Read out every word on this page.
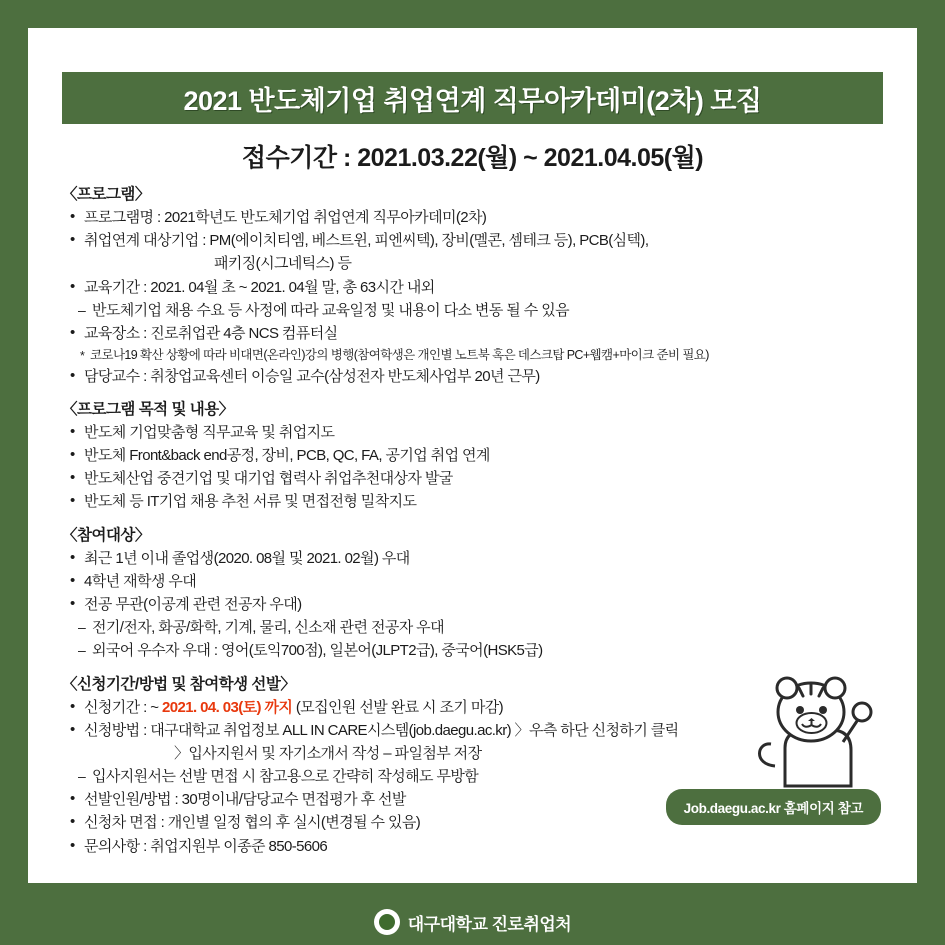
2021 반도체기업 취업연계 직무아카데미(2차) 모집
접수기간 : 2021.03.22(월) ~ 2021.04.05(월)
〈프로그램〉
• 프로그램명 : 2021학년도 반도체기업 취업연계 직무아카데미(2차)
• 취업연계 대상기업 : PM(에이치티엠, 베스트윈, 피엔씨텍), 장비(멜콘, 셈테크 등), PCB(심텍),
패키징(시그네틱스) 등
• 교육기간 : 2021. 04월 초 ~ 2021. 04월 말, 총 63시간 내외
– 반도체기업 채용 수요 등 사정에 따라 교육일정 및 내용이 다소 변동 될 수 있음
• 교육장소 : 진로취업관 4층 NCS 컴퓨터실
* 코로나19 확산 상황에 따라 비대면(온라인)강의 병행(참여학생은 개인별 노트북 혹은 데스크탑 PC+웹캠+마이크 준비 필요)
• 담당교수 : 취창업교육센터 이승일 교수(삼성전자 반도체사업부 20년 근무)
〈프로그램 목적 및 내용〉
• 반도체 기업맞춤형 직무교육 및 취업지도
• 반도체 Front&back end공정, 장비, PCB, QC, FA, 공기업 취업 연계
• 반도체산업 중견기업 및 대기업 협력사 취업추천대상자 발굴
• 반도체 등 IT기업 채용 추천 서류 및 면접전형 밀착지도
〈참여대상〉
• 최근 1년 이내 졸업생(2020. 08월 및 2021. 02월) 우대
• 4학년 재학생 우대
• 전공 무관(이공계 관련 전공자 우대)
– 전기/전자, 화공/화학, 기계, 물리, 신소재 관련 전공자 우대
– 외국어 우수자 우대 : 영어(토익700점), 일본어(JLPT2급), 중국어(HSK5급)
〈신청기간/방법 및 참여학생 선발〉
• 신청기간 : ~ 2021. 04. 03(토) 까지 (모집인원 선발 완료 시 조기 마감)
• 신청방법 : 대구대학교 취업정보 ALL IN CARE시스템(job.daegu.ac.kr) 〉우측 하단 신청하기 클릭
〉입사지원서 및 자기소개서 작성 – 파일첨부 저장
– 입사지원서는 선발 면접 시 참고용으로 간략히 작성해도 무방함
• 선발인원/방법 : 30명이내/담당교수 면접평가 후 선발
• 신청차 면접 : 개인별 일정 협의 후 실시(변경될 수 있음)
• 문의사항 : 취업지원부 이종준 850-5606
Job.daegu.ac.kr 홈페이지 참고
대구대학교 진로취업처
